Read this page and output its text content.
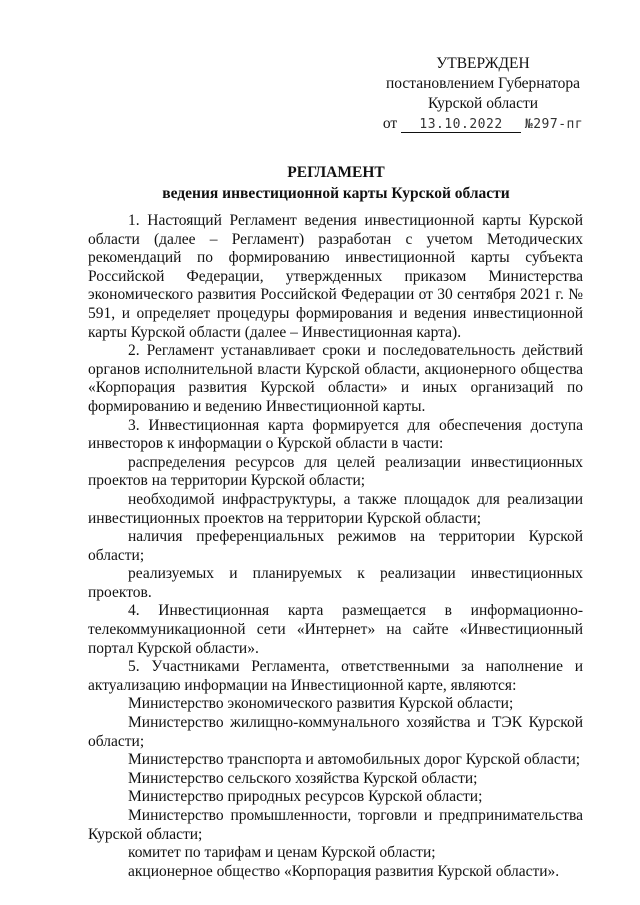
УТВЕРЖДЕН
постановлением Губернатора
Курской области
от 13.10.2022 №297-пг
РЕГЛАМЕНТ
ведения инвестиционной карты Курской области

1. Настоящий Регламент ведения инвестиционной карты Курской области (далее – Регламент) разработан с учетом Методических рекомендаций по формированию инвестиционной карты субъекта Российской Федерации, утвержденных приказом Министерства экономического развития Российской Федерации от 30 сентября 2021 г. № 591, и определяет процедуры формирования и ведения инвестиционной карты Курской области (далее – Инвестиционная карта).

2. Регламент устанавливает сроки и последовательность действий органов исполнительной власти Курской области, акционерного общества «Корпорация развития Курской области» и иных организаций по формированию и ведению Инвестиционной карты.

3. Инвестиционная карта формируется для обеспечения доступа инвесторов к информации о Курской области в части:

распределения ресурсов для целей реализации инвестиционных проектов на территории Курской области;

необходимой инфраструктуры, а также площадок для реализации инвестиционных проектов на территории Курской области;

наличия преференциальных режимов на территории Курской области;

реализуемых и планируемых к реализации инвестиционных проектов.

4. Инвестиционная карта размещается в информационно-телекоммуникационной сети «Интернет» на сайте «Инвестиционный портал Курской области».

5. Участниками Регламента, ответственными за наполнение и актуализацию информации на Инвестиционной карте, являются:

Министерство экономического развития Курской области;

Министерство жилищно-коммунального хозяйства и ТЭК Курской области;

Министерство транспорта и автомобильных дорог Курской области;

Министерство сельского хозяйства Курской области;

Министерство природных ресурсов Курской области;

Министерство промышленности, торговли и предпринимательства Курской области;

комитет по тарифам и ценам Курской области;

акционерное общество «Корпорация развития Курской области».
